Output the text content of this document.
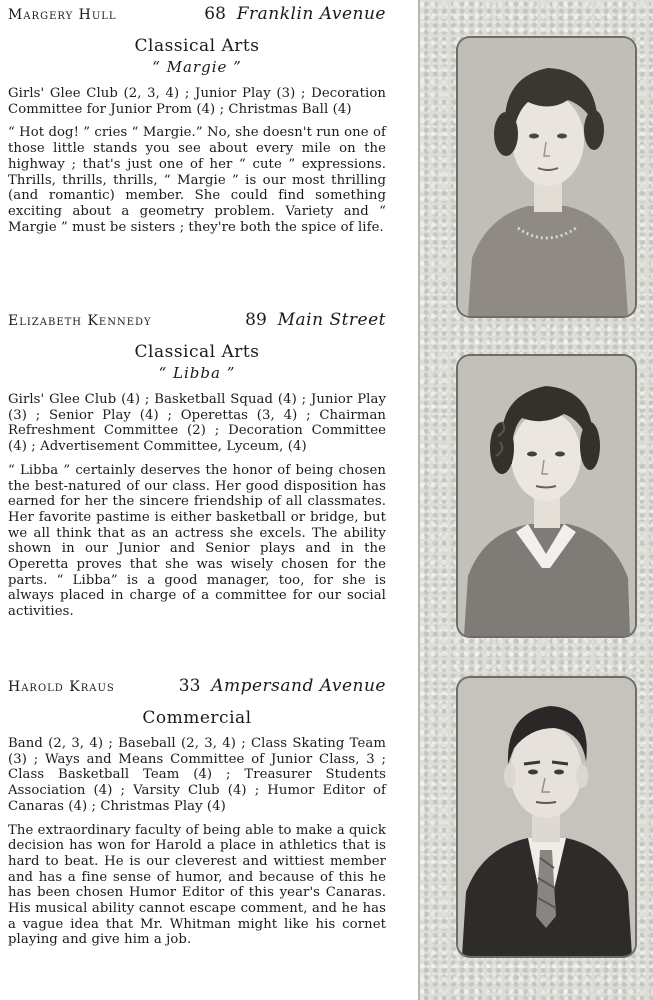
Margery Hull	68 Franklin Avenue
Classical Arts
“ Margie ”

Girls' Glee Club (2, 3, 4) ; Junior Play (3) ; Decoration Committee for Junior Prom (4) ; Christmas Ball (4)

“ Hot dog! ” cries “ Margie.” No, she doesn't run one of those little stands you see about every mile on the highway ; that's just one of her “ cute ” expressions. Thrills, thrills, thrills, “ Margie ” is our most thrilling (and romantic) member. She could find something exciting about a geometry problem. Variety and “ Margie ” must be sisters ; they're both the spice of life.

Elizabeth Kennedy	89 Main Street
Classical Arts
“ Libba ”

Girls' Glee Club (4) ; Basketball Squad (4) ; Junior Play (3) ; Senior Play (4) ; Operettas (3, 4) ; Chairman Refreshment Committee (2) ; Decoration Committee (4) ; Advertisement Committee, Lyceum, (4)

“ Libba ” certainly deserves the honor of being chosen the best-natured of our class. Her good disposition has earned for her the sincere friendship of all classmates. Her favorite pastime is either basketball or bridge, but we all think that as an actress she excels. The ability shown in our Junior and Senior plays and in the Operetta proves that she was wisely chosen for the parts. “ Libba” is a good manager, too, for she is always placed in charge of a committee for our social activities.

Harold Kraus	33 Ampersand Avenue
Commercial

Band (2, 3, 4) ; Baseball (2, 3, 4) ; Class Skating Team (3) ; Ways and Means Committee of Junior Class, 3 ; Class Basketball Team (4) ; Treasurer Students Association (4) ; Varsity Club (4) ; Humor Editor of Canaras (4) ; Christmas Play (4)

The extraordinary faculty of being able to make a quick decision has won for Harold a place in athletics that is hard to beat. He is our cleverest and wittiest member and has a fine sense of humor, and because of this he has been chosen Humor Editor of this year's Canaras. His musical ability cannot escape comment, and he has a vague idea that Mr. Whitman might like his cornet playing and give him a job.
